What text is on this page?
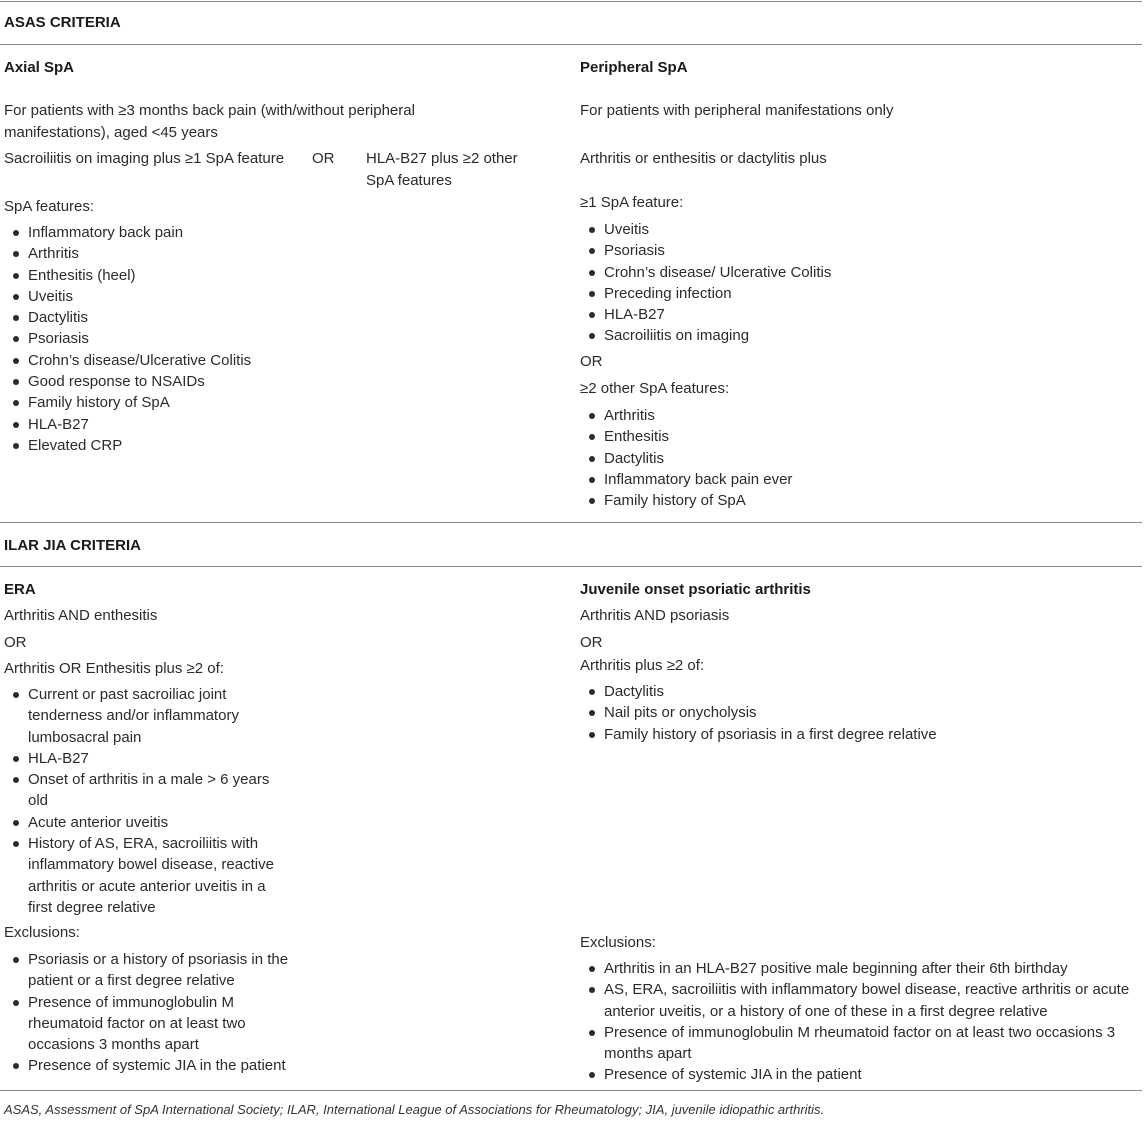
ASAS CRITERIA
Axial SpA
For patients with ≥3 months back pain (with/without peripheral
manifestations), aged <45 years
Sacroiliitis on imaging plus ≥1 SpA feature OR HLA-B27 plus ≥2 other
SpA features
SpA features:
Inflammatory back pain
Arthritis
Enthesitis (heel)
Uveitis
Dactylitis
Psoriasis
Crohn’s disease/Ulcerative Colitis
Good response to NSAIDs
Family history of SpA
HLA-B27
Elevated CRP
Peripheral SpA
For patients with peripheral manifestations only
Arthritis or enthesitis or dactylitis plus
≥1 SpA feature:
Uveitis
Psoriasis
Crohn’s disease/ Ulcerative Colitis
Preceding infection
HLA-B27
Sacroiliitis on imaging
OR
≥2 other SpA features:
Arthritis
Enthesitis
Dactylitis
Inflammatory back pain ever
Family history of SpA
ILAR JIA CRITERIA
ERA
Arthritis AND enthesitis
OR
Arthritis OR Enthesitis plus ≥2 of:
Current or past sacroiliac joint
tenderness and/or inflammatory
lumbosacral pain
HLA-B27
Onset of arthritis in a male > 6 years
old
Acute anterior uveitis
History of AS, ERA, sacroiliitis with
inflammatory bowel disease, reactive
arthritis or acute anterior uveitis in a
first degree relative
Exclusions:
Psoriasis or a history of psoriasis in the
patient or a first degree relative
Presence of immunoglobulin M
rheumatoid factor on at least two
occasions 3 months apart
Presence of systemic JIA in the patient
Juvenile onset psoriatic arthritis
Arthritis AND psoriasis
OR
Arthritis plus ≥2 of:
Dactylitis
Nail pits or onycholysis
Family history of psoriasis in a first degree relative
Exclusions:
Arthritis in an HLA-B27 positive male beginning after their 6th birthday
AS, ERA, sacroiliitis with inflammatory bowel disease, reactive arthritis or acute
anterior uveitis, or a history of one of these in a first degree relative
Presence of immunoglobulin M rheumatoid factor on at least two occasions 3
months apart
Presence of systemic JIA in the patient
ASAS, Assessment of SpA International Society; ILAR, International League of Associations for Rheumatology; JIA, juvenile idiopathic arthritis.
